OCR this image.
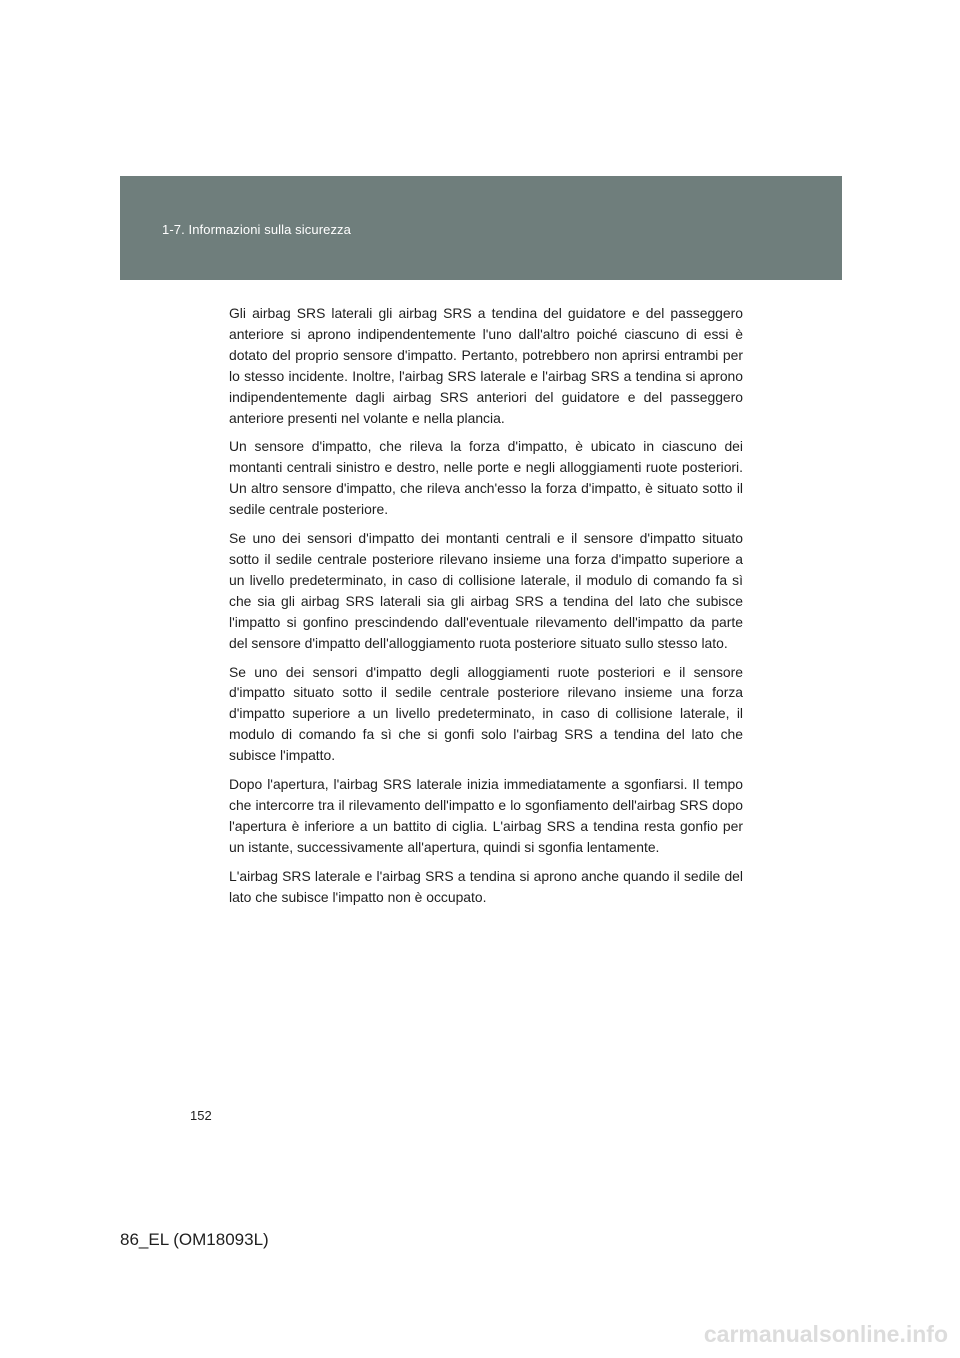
1-7. Informazioni sulla sicurezza

Gli airbag SRS laterali gli airbag SRS a tendina del guidatore e del passeggero anteriore si aprono indipendentemente l'uno dall'altro poiché ciascuno di essi è dotato del proprio sensore d'impatto. Pertanto, potrebbero non aprirsi entrambi per lo stesso incidente. Inoltre, l'airbag SRS laterale e l'airbag SRS a tendina si aprono indipendentemente dagli airbag SRS anteriori del guidatore e del passeggero anteriore presenti nel volante e nella plancia.

Un sensore d'impatto, che rileva la forza d'impatto, è ubicato in ciascuno dei montanti centrali sinistro e destro, nelle porte e negli alloggiamenti ruote posteriori. Un altro sensore d'impatto, che rileva anch'esso la forza d'impatto, è situato sotto il sedile centrale posteriore.

Se uno dei sensori d'impatto dei montanti centrali e il sensore d'impatto situato sotto il sedile centrale posteriore rilevano insieme una forza d'impatto superiore a un livello predeterminato, in caso di collisione laterale, il modulo di comando fa sì che sia gli airbag SRS laterali sia gli airbag SRS a tendina del lato che subisce l'impatto si gonfino prescindendo dall'eventuale rilevamento dell'impatto da parte del sensore d'impatto dell'alloggiamento ruota posteriore situato sullo stesso lato.

Se uno dei sensori d'impatto degli alloggiamenti ruote posteriori e il sensore d'impatto situato sotto il sedile centrale posteriore rilevano insieme una forza d'impatto superiore a un livello predeterminato, in caso di collisione laterale, il modulo di comando fa sì che si gonfi solo l'airbag SRS a tendina del lato che subisce l'impatto.

Dopo l'apertura, l'airbag SRS laterale inizia immediatamente a sgonfiarsi. Il tempo che intercorre tra il rilevamento dell'impatto e lo sgonfiamento dell'airbag SRS dopo l'apertura è inferiore a un battito di ciglia. L'airbag SRS a tendina resta gonfio per un istante, successivamente all'apertura, quindi si sgonfia lentamente.

L'airbag SRS laterale e l'airbag SRS a tendina si aprono anche quando il sedile del lato che subisce l'impatto non è occupato.

152
86_EL (OM18093L)
carmanualsonline.info
